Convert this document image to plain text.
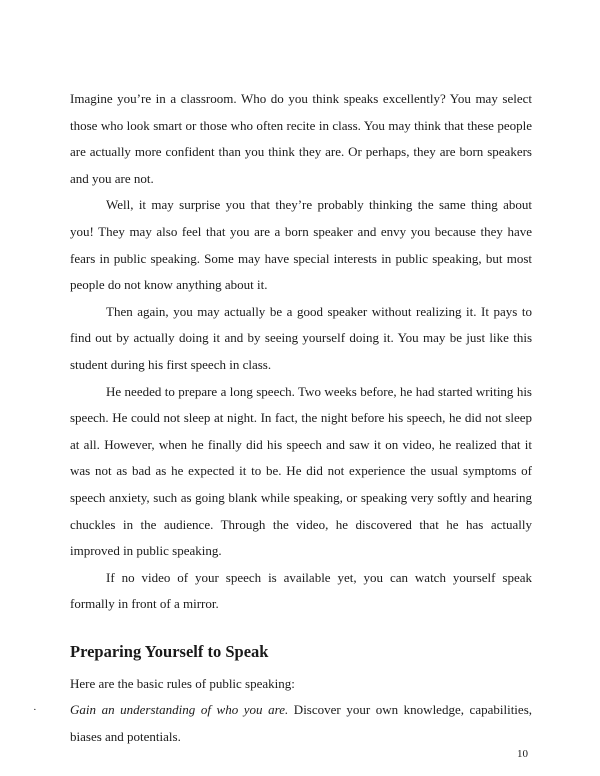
Imagine you’re in a classroom. Who do you think speaks excellently? You may select those who look smart or those who often recite in class. You may think that these people are actually more confident than you think they are. Or perhaps, they are born speakers and you are not.

Well, it may surprise you that they’re probably thinking the same thing about you! They may also feel that you are a born speaker and envy you because they have fears in public speaking. Some may have special interests in public speaking, but most people do not know anything about it.

Then again, you may actually be a good speaker without realizing it. It pays to find out by actually doing it and by seeing yourself doing it. You may be just like this student during his first speech in class.

He needed to prepare a long speech. Two weeks before, he had started writing his speech. He could not sleep at night. In fact, the night before his speech, he did not sleep at all. However, when he finally did his speech and saw it on video, he realized that it was not as bad as he expected it to be. He did not experience the usual symptoms of speech anxiety, such as going blank while speaking, or speaking very softly and hearing chuckles in the audience. Through the video, he discovered that he has actually improved in public speaking.

If no video of your speech is available yet, you can watch yourself speak formally in front of a mirror.

Preparing Yourself to Speak

Here are the basic rules of public speaking:

·	Gain an understanding of who you are. Discover your own knowledge, capabilities, biases and potentials.

10
